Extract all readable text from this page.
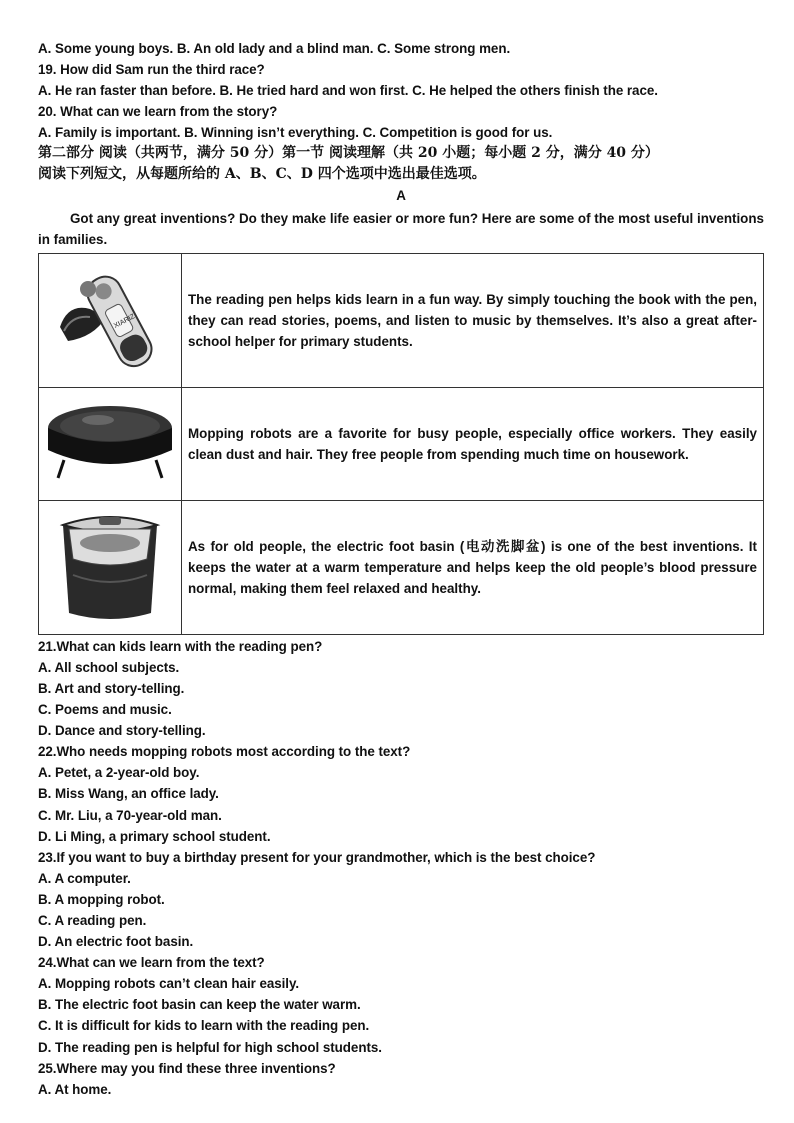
A. Some young boys. B. An old lady and a blind man. C. Some strong men.
19. How did Sam run the third race?
A. He ran faster than before. B. He tried hard and won first. C. He helped the others finish the race.
20. What can we learn from the story?
A. Family is important. B. Winning isn’t everything. C. Competition is good for us.
第二部分 阅读（共两节，满分 50 分）第一节 阅读理解（共 20 小题；每小题 2 分，满分 40 分）
阅读下列短文，从每题所给的 A、B、C、D 四个选项中选出最佳选项。
A
Got any great inventions? Do they make life easier or more fun? Here are some of the most useful inventions in families.
XIARIZ	The reading pen helps kids learn in a fun way. By simply touching the book with the pen, they can read stories, poems, and listen to music by themselves. It’s also a great after-school helper for primary students.

	Mopping robots are a favorite for busy people, especially office workers. They easily clean dust and hair. They free people from spending much time on housework.

	As for old people, the electric foot basin (电动洗脚盆) is one of the best inventions. It keeps the water at a warm temperature and helps keep the old people’s blood pressure normal, making them feel relaxed and healthy.
21.What can kids learn with the reading pen?
A. All school subjects.
B. Art and story-telling.
C. Poems and music.
D. Dance and story-telling.
22.Who needs mopping robots most according to the text?
A. Petet, a 2-year-old boy.
B. Miss Wang, an office lady.
C. Mr. Liu, a 70-year-old man.
D. Li Ming, a primary school student.
23.If you want to buy a birthday present for your grandmother, which is the best choice?
A. A computer.
B. A mopping robot.
C. A reading pen.
D. An electric foot basin.
24.What can we learn from the text?
A. Mopping robots can’t clean hair easily.
B. The electric foot basin can keep the water warm.
C. It is difficult for kids to learn with the reading pen.
D. The reading pen is helpful for high school students.
25.Where may you find these three inventions?
A. At home.
